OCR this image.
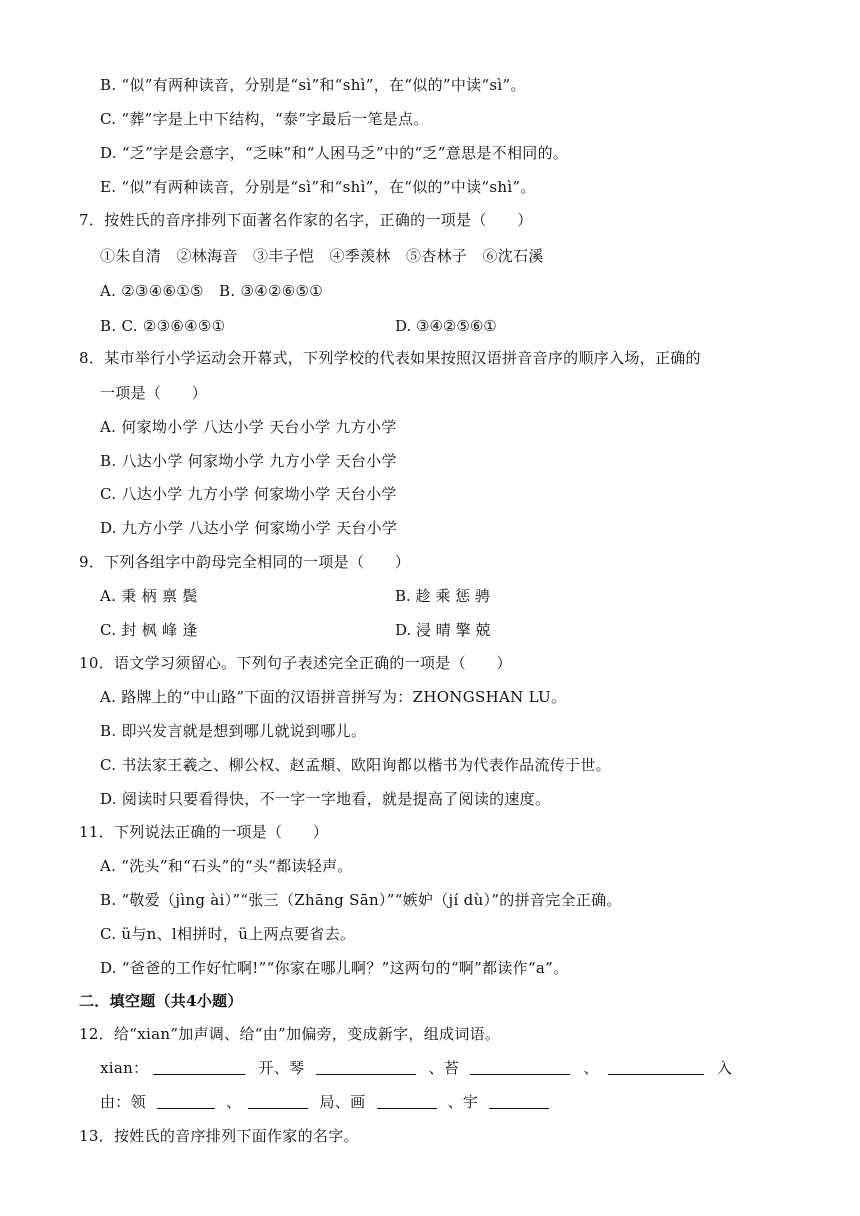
B. “似”有两种读音，分别是“sì”和“shì”，在“似的”中读“sì”。
C. “葬”字是上中下结构，“泰”字最后一笔是点。
D. “乏”字是会意字，“乏味”和“人困马乏”中的“乏”意思是不相同的。
E. “似”有两种读音，分别是“sì”和“shì”，在“似的”中读“shì”。
7．按姓氏的音序排列下面著名作家的名字，正确的一项是（　　）
①朱自清　②林海音　③丰子恺　④季羡林　⑤杏林子　⑥沈石溪
A. ②③④⑥①⑤　B. ③④②⑥⑤①
B. C. ②③⑥④⑤①	D. ③④②⑤⑥①
8．某市举行小学运动会开幕式，下列学校的代表如果按照汉语拼音音序的顺序入场，正确的
一项是（　　）
A. 何家坳小学 八达小学 天台小学 九方小学
B. 八达小学 何家坳小学 九方小学 天台小学
C. 八达小学 九方小学 何家坳小学 天台小学
D. 九方小学 八达小学 何家坳小学 天台小学
9．下列各组字中韵母完全相同的一项是（　　）
A. 秉 柄 禀 鬓	B. 趁 乘 惩 骋
C. 封 枫 峰 逢	D. 浸 晴 擎 兢
10．语文学习须留心。下列句子表述完全正确的一项是（　　）
A. 路牌上的“中山路”下面的汉语拼音拼写为：ZHONGSHAN LU。
B. 即兴发言就是想到哪儿就说到哪儿。
C. 书法家王羲之、柳公权、赵孟頫、欧阳询都以楷书为代表作品流传于世。
D. 阅读时只要看得快，不一字一字地看，就是提高了阅读的速度。
11．下列说法正确的一项是（　　）
A. “洗头”和“石头”的“头“都读轻声。
B. “敬爱（jìng ài）”“张三（Zhāng Sān）”“嫉妒（jí dù）”的拼音完全正确。
C. ü与n、l相拼时，ü上两点要省去。
D. “爸爸的工作好忙啊!”“你家在哪儿啊？”这两句的“啊”都读作“a”。
二．填空题（共4小题）
12．给“xian”加声调、给“由”加偏旁，变成新字，组成词语。
xian：	开、琴	、苔	、	入
由：领	、	局、画	、宇
13．按姓氏的音序排列下面作家的名字。
